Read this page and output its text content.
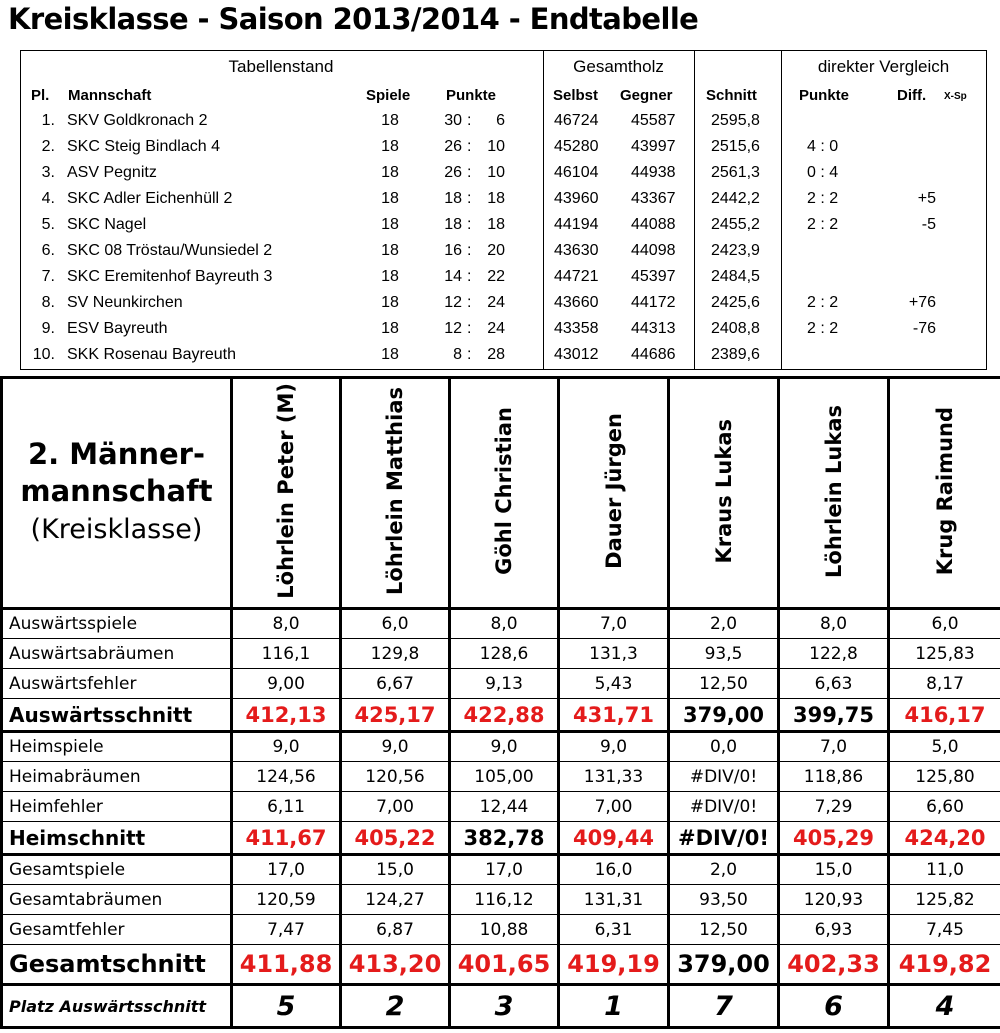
Kreisklasse - Saison 2013/2014 - Endtabelle
Tabellenstand	Gesamtholz	direkter Vergleich
Pl. Mannschaft	Spiele Punkte	Selbst Gegner Schnitt	Punkte	Diff. X-Sp
1. SKV Goldkronach 2	18	30 :	6	46724 45587 2595,8
2. SKC Steig Bindlach 4	18	26 : 10	45280 43997 2515,6	4 : 0
3. ASV Pegnitz	18	26 : 10	46104 44938 2561,3	0 : 4
4. SKC Adler Eichenhüll 2	18	18 : 18	43960 43367 2442,2	2 : 2	+5
5. SKC Nagel	18	18 : 18	44194 44088 2455,2	2 : 2	-5
6. SKC 08 Tröstau/Wunsiedel 2	18	16 : 20	43630 44098 2423,9
7. SKC Eremitenhof Bayreuth 3	18	14 : 22	44721 45397 2484,5
8. SV Neunkirchen	18	12 : 24	43660 44172 2425,6	2 : 2	+76
9. ESV Bayreuth	18	12 : 24	43358 44313 2408,8	2 : 2	-76
10. SKK Rosenau Bayreuth	18	8 : 28	43012 44686 2389,6
2. Männer-
mannschaft
(Kreisklasse)	Löhrlein Peter (M)	Löhrlein Matthias	Göhl Christian	Dauer Jürgen	Kraus Lukas	Löhrlein Lukas	Krug Raimund
Auswärtsspiele	8,0	6,0	8,0	7,0	2,0	8,0	6,0
Auswärtsabräumen	116,1	129,8	128,6	131,3	93,5	122,8	125,83
Auswärtsfehler	9,00	6,67	9,13	5,43	12,50	6,63	8,17
Auswärtsschnitt	412,13	425,17	422,88	431,71	379,00	399,75	416,17
Heimspiele	9,0	9,0	9,0	9,0	0,0	7,0	5,0
Heimabräumen	124,56	120,56	105,00	131,33	#DIV/0!	118,86	125,80
Heimfehler	6,11	7,00	12,44	7,00	#DIV/0!	7,29	6,60
Heimschnitt	411,67	405,22	382,78	409,44	#DIV/0!	405,29	424,20
Gesamtspiele	17,0	15,0	17,0	16,0	2,0	15,0	11,0
Gesamtabräumen	120,59	124,27	116,12	131,31	93,50	120,93	125,82
Gesamtfehler	7,47	6,87	10,88	6,31	12,50	6,93	7,45
Gesamtschnitt	411,88	413,20	401,65	419,19	379,00	402,33	419,82
Platz Auswärtsschnitt	5	2	3	1	7	6	4
